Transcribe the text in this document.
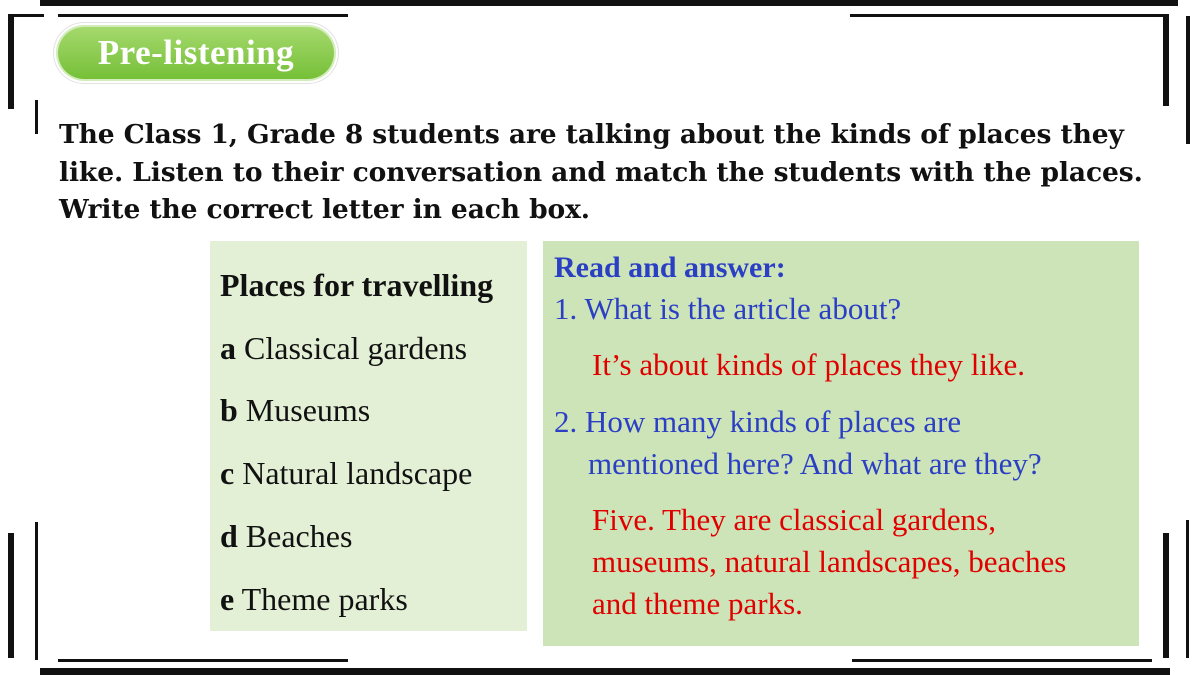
Pre-listening
The Class 1, Grade 8 students are talking about the kinds of places they
like. Listen to their conversation and match the students with the places.
Write the correct letter in each box.
Places for travelling
a Classical gardens
b Museums
c Natural landscape
d Beaches
e Theme parks
Read and answer:
1. What is the article about?
It’s about kinds of places they like.
2. How many kinds of places are
mentioned here? And what are they?
Five. They are classical gardens,
museums, natural landscapes, beaches
and theme parks.
